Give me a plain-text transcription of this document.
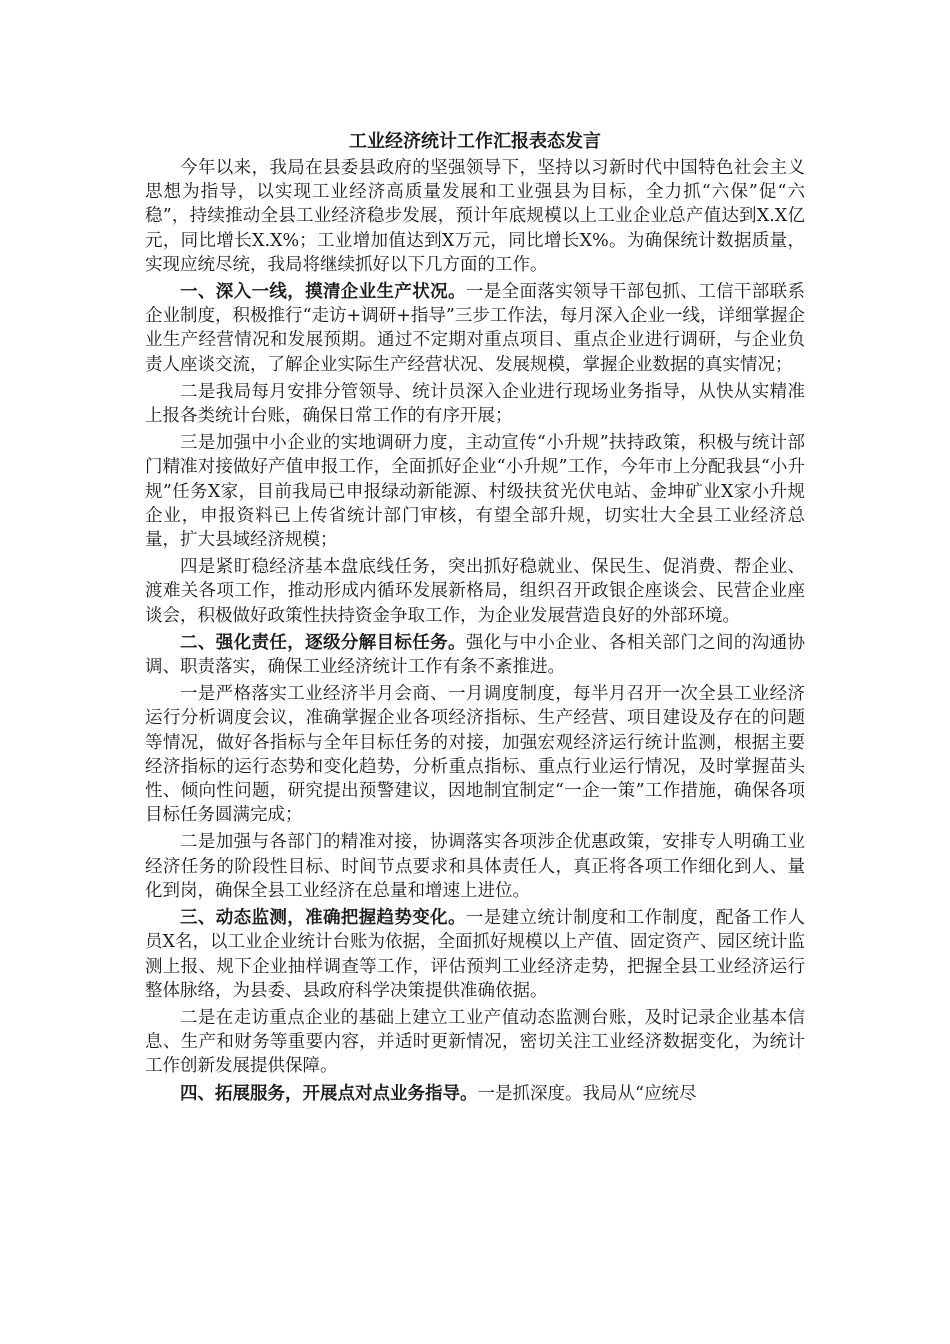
工业经济统计工作汇报表态发言

今年以来，我局在县委县政府的坚强领导下，坚持以习新时代中国特色社会主义思想为指导，以实现工业经济高质量发展和工业强县为目标，全力抓“六保”促“六稳”，持续推动全县工业经济稳步发展，预计年底规模以上工业企业总产值达到X.X亿元，同比增长X.X%；工业增加值达到X万元，同比增长X%。为确保统计数据质量，实现应统尽统，我局将继续抓好以下几方面的工作。

一、深入一线，摸清企业生产状况。一是全面落实领导干部包抓、工信干部联系企业制度，积极推行“走访+调研+指导”三步工作法，每月深入企业一线，详细掌握企业生产经营情况和发展预期。通过不定期对重点项目、重点企业进行调研，与企业负责人座谈交流，了解企业实际生产经营状况、发展规模，掌握企业数据的真实情况；

二是我局每月安排分管领导、统计员深入企业进行现场业务指导，从快从实精准上报各类统计台账，确保日常工作的有序开展；

三是加强中小企业的实地调研力度，主动宣传“小升规”扶持政策，积极与统计部门精准对接做好产值申报工作，全面抓好企业“小升规”工作，今年市上分配我县“小升规”任务X家，目前我局已申报绿动新能源、村级扶贫光伏电站、金坤矿业X家小升规企业，申报资料已上传省统计部门审核，有望全部升规，切实壮大全县工业经济总量，扩大县域经济规模；

四是紧盯稳经济基本盘底线任务，突出抓好稳就业、保民生、促消费、帮企业、渡难关各项工作，推动形成内循环发展新格局，组织召开政银企座谈会、民营企业座谈会，积极做好政策性扶持资金争取工作，为企业发展营造良好的外部环境。

二、强化责任，逐级分解目标任务。强化与中小企业、各相关部门之间的沟通协调、职责落实，确保工业经济统计工作有条不紊推进。

一是严格落实工业经济半月会商、一月调度制度，每半月召开一次全县工业经济运行分析调度会议，准确掌握企业各项经济指标、生产经营、项目建设及存在的问题等情况，做好各指标与全年目标任务的对接，加强宏观经济运行统计监测，根据主要经济指标的运行态势和变化趋势，分析重点指标、重点行业运行情况，及时掌握苗头性、倾向性问题，研究提出预警建议，因地制宜制定“一企一策”工作措施，确保各项目标任务圆满完成；

二是加强与各部门的精准对接，协调落实各项涉企优惠政策，安排专人明确工业经济任务的阶段性目标、时间节点要求和具体责任人，真正将各项工作细化到人、量化到岗，确保全县工业经济在总量和增速上进位。

三、动态监测，准确把握趋势变化。一是建立统计制度和工作制度，配备工作人员X名，以工业企业统计台账为依据，全面抓好规模以上产值、固定资产、园区统计监测上报、规下企业抽样调查等工作，评估预判工业经济走势，把握全县工业经济运行整体脉络，为县委、县政府科学决策提供准确依据。

二是在走访重点企业的基础上建立工业产值动态监测台账，及时记录企业基本信息、生产和财务等重要内容，并适时更新情况，密切关注工业经济数据变化，为统计工作创新发展提供保障。

四、拓展服务，开展点对点业务指导。一是抓深度。我局从“应统尽
